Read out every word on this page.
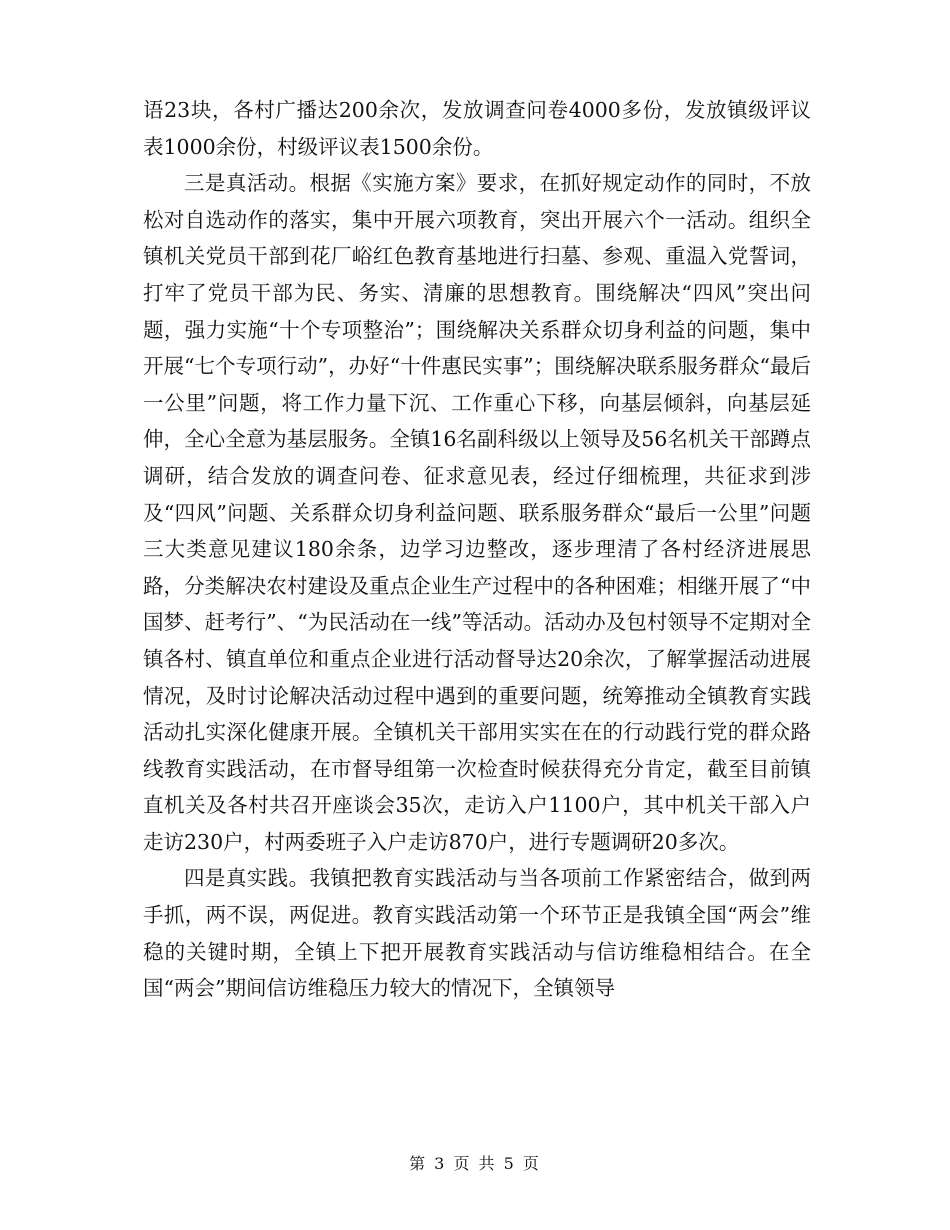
语23块，各村广播达200余次，发放调查问卷4000多份，发放镇级评议表1000余份，村级评议表1500余份。

三是真活动。根据《实施方案》要求，在抓好规定动作的同时，不放松对自选动作的落实，集中开展六项教育，突出开展六个一活动。组织全镇机关党员干部到花厂峪红色教育基地进行扫墓、参观、重温入党誓词，打牢了党员干部为民、务实、清廉的思想教育。围绕解决“四风”突出问题，强力实施“十个专项整治”；围绕解决关系群众切身利益的问题，集中开展“七个专项行动”，办好“十件惠民实事”；围绕解决联系服务群众“最后一公里”问题，将工作力量下沉、工作重心下移，向基层倾斜，向基层延伸，全心全意为基层服务。全镇16名副科级以上领导及56名机关干部蹲点调研，结合发放的调查问卷、征求意见表，经过仔细梳理，共征求到涉及“四风”问题、关系群众切身利益问题、联系服务群众“最后一公里”问题三大类意见建议180余条，边学习边整改，逐步理清了各村经济进展思路，分类解决农村建设及重点企业生产过程中的各种困难；相继开展了“中国梦、赶考行”、“为民活动在一线”等活动。活动办及包村领导不定期对全镇各村、镇直单位和重点企业进行活动督导达20余次，了解掌握活动进展情况，及时讨论解决活动过程中遇到的重要问题，统筹推动全镇教育实践活动扎实深化健康开展。全镇机关干部用实实在在的行动践行党的群众路线教育实践活动，在市督导组第一次检查时候获得充分肯定，截至目前镇直机关及各村共召开座谈会35次，走访入户1100户，其中机关干部入户走访230户，村两委班子入户走访870户，进行专题调研20多次。

四是真实践。我镇把教育实践活动与当各项前工作紧密结合，做到两手抓，两不误，两促进。教育实践活动第一个环节正是我镇全国“两会”维稳的关键时期，全镇上下把开展教育实践活动与信访维稳相结合。在全国“两会”期间信访维稳压力较大的情况下，全镇领导

第 3 页 共 5 页
